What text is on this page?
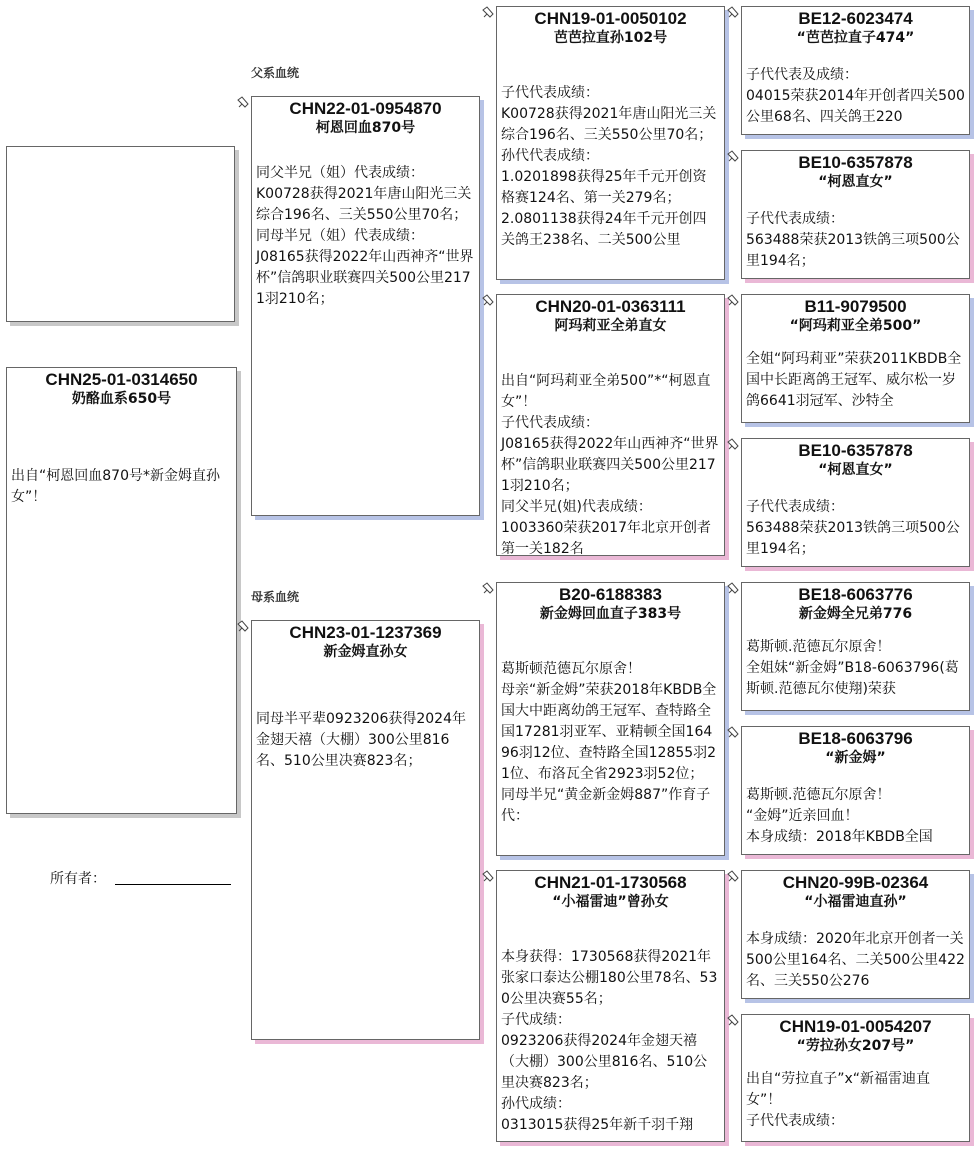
CHN25-01-0314650
奶酪血系650号
出自“柯恩回血870号*新金姆直孙女”！
所有者：
父系血统
母系血统
CHN22-01-0954870
柯恩回血870号
同父半兄（姐）代表成绩：
K00728获得2021年唐山阳光三关综合196名、三关550公里70名；
同母半兄（姐）代表成绩：
J08165获得2022年山西神齐“世界杯”信鸽职业联赛四关500公里2171羽210名；
CHN23-01-1237369
新金姆直孙女
同母半平辈0923206获得2024年金翅天禧（大棚）300公里816名、510公里决赛823名；
CHN19-01-0050102
芭芭拉直孙102号
子代代表成绩：
K00728获得2021年唐山阳光三关综合196名、三关550公里70名；
孙代代表成绩：
1.0201898获得25年千元开创资格赛124名、第一关279名；
2.0801138获得24年千元开创四关鸽王238名、二关500公里
CHN20-01-0363111
阿玛莉亚全弟直女
出自“阿玛莉亚全弟500”*“柯恩直女”！
子代代表成绩：
J08165获得2022年山西神齐“世界杯”信鸽职业联赛四关500公里2171羽210名；
同父半兄(姐)代表成绩：
1003360荣获2017年北京开创者第一关182名
B20-6188383
新金姆回血直子383号
葛斯顿范德瓦尔原舍！
母亲“新金姆”荣获2018年KBDB全国大中距离幼鸽王冠军、查特路全国17281羽亚军、亚精顿全国16496羽12位、查特路全国12855羽21位、布洛瓦全省2923羽52位；
同母半兄“黄金新金姆887”作育子代：
CHN21-01-1730568
“小福雷迪”曾孙女
本身获得：1730568获得2021年张家口泰达公棚180公里78名、530公里决赛55名；
子代成绩：
0923206获得2024年金翅天禧（大棚）300公里816名、510公里决赛823名；
孙代成绩：
0313015获得25年新千羽千翔
BE12-6023474
“芭芭拉直子474”
子代代表及成绩：
04015荣获2014年开创者四关500公里68名、四关鸽王220
BE10-6357878
“柯恩直女”
子代代表成绩：
563488荣获2013铁鸽三项500公里194名；
B11-9079500
“阿玛莉亚全弟500”
全姐“阿玛莉亚”荣获2011KBDB全国中长距离鸽王冠军、威尔松一岁鸽6641羽冠军、沙特全
BE10-6357878
“柯恩直女”
子代代表成绩：
563488荣获2013铁鸽三项500公里194名；
BE18-6063776
新金姆全兄弟776
葛斯顿.范德瓦尔原舍！
全姐妹“新金姆”B18-6063796(葛斯顿.范德瓦尔使翔)荣获
BE18-6063796
“新金姆”
葛斯顿.范德瓦尔原舍！
“金姆”近亲回血！
本身成绩：2018年KBDB全国
CHN20-99B-02364
“小福雷迪直孙”
本身成绩：2020年北京开创者一关500公里164名、二关500公里422名、三关550公276
CHN19-01-0054207
“劳拉孙女207号”
出自“劳拉直子”x“新福雷迪直女”！
子代代表成绩：
